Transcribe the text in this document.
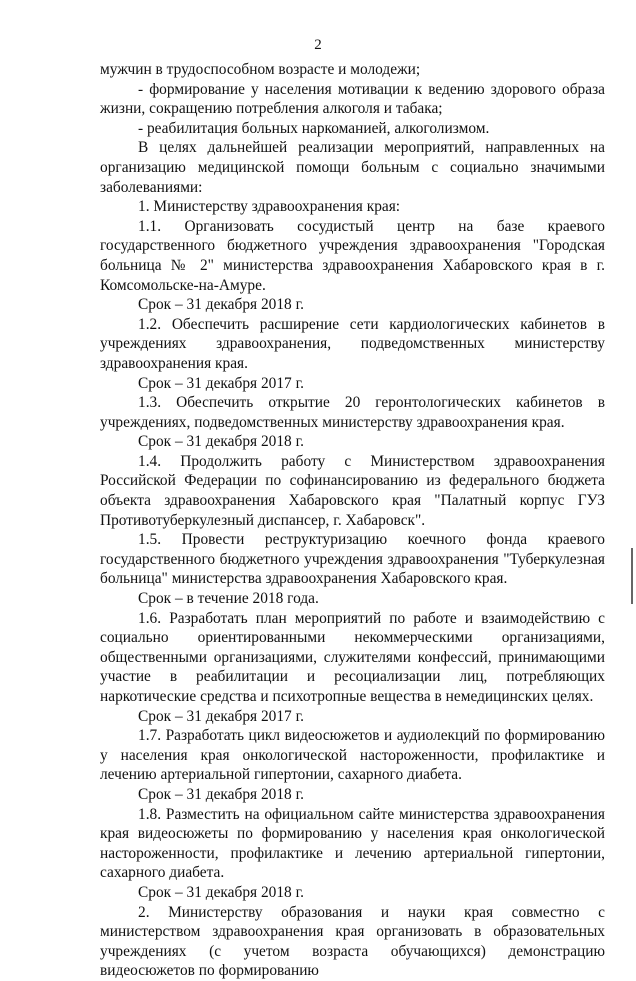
2

мужчин в трудоспособном возрасте и молодежи;

- формирование у населения мотивации к ведению здорового образа жизни, сокращению потребления алкоголя и табака;

- реабилитация больных наркоманией, алкоголизмом.

В целях дальнейшей реализации мероприятий, направленных на организацию медицинской помощи больным с социально значимыми заболеваниями:

1. Министерству здравоохранения края:

1.1. Организовать сосудистый центр на базе краевого государственного бюджетного учреждения здравоохранения "Городская больница № 2" министерства здравоохранения Хабаровского края в г. Комсомольске-на-Амуре.

Срок – 31 декабря 2018 г.

1.2. Обеспечить расширение сети кардиологических кабинетов в учреждениях здравоохранения, подведомственных министерству здравоохранения края.

Срок – 31 декабря 2017 г.

1.3. Обеспечить открытие 20 геронтологических кабинетов в учреждениях, подведомственных министерству здравоохранения края.

Срок – 31 декабря 2018 г.

1.4. Продолжить работу с Министерством здравоохранения Российской Федерации по софинансированию из федерального бюджета объекта здравоохранения Хабаровского края "Палатный корпус ГУЗ Противотуберкулезный диспансер, г. Хабаровск".

1.5. Провести реструктуризацию коечного фонда краевого государственного бюджетного учреждения здравоохранения "Туберкулезная больница" министерства здравоохранения Хабаровского края.

Срок – в течение 2018 года.

1.6. Разработать план мероприятий по работе и взаимодействию с социально ориентированными некоммерческими организациями, общественными организациями, служителями конфессий, принимающими участие в реабилитации и ресоциализации лиц, потребляющих наркотические средства и психотропные вещества в немедицинских целях.

Срок – 31 декабря 2017 г.

1.7. Разработать цикл видеосюжетов и аудиолекций по формированию у населения края онкологической настороженности, профилактике и лечению артериальной гипертонии, сахарного диабета.

Срок – 31 декабря 2018 г.

1.8. Разместить на официальном сайте министерства здравоохранения края видеосюжеты по формированию у населения края онкологической настороженности, профилактике и лечению артериальной гипертонии, сахарного диабета.

Срок – 31 декабря 2018 г.

2. Министерству образования и науки края совместно с министерством здравоохранения края организовать в образовательных учреждениях (с учетом возраста обучающихся) демонстрацию видеосюжетов по формированию
